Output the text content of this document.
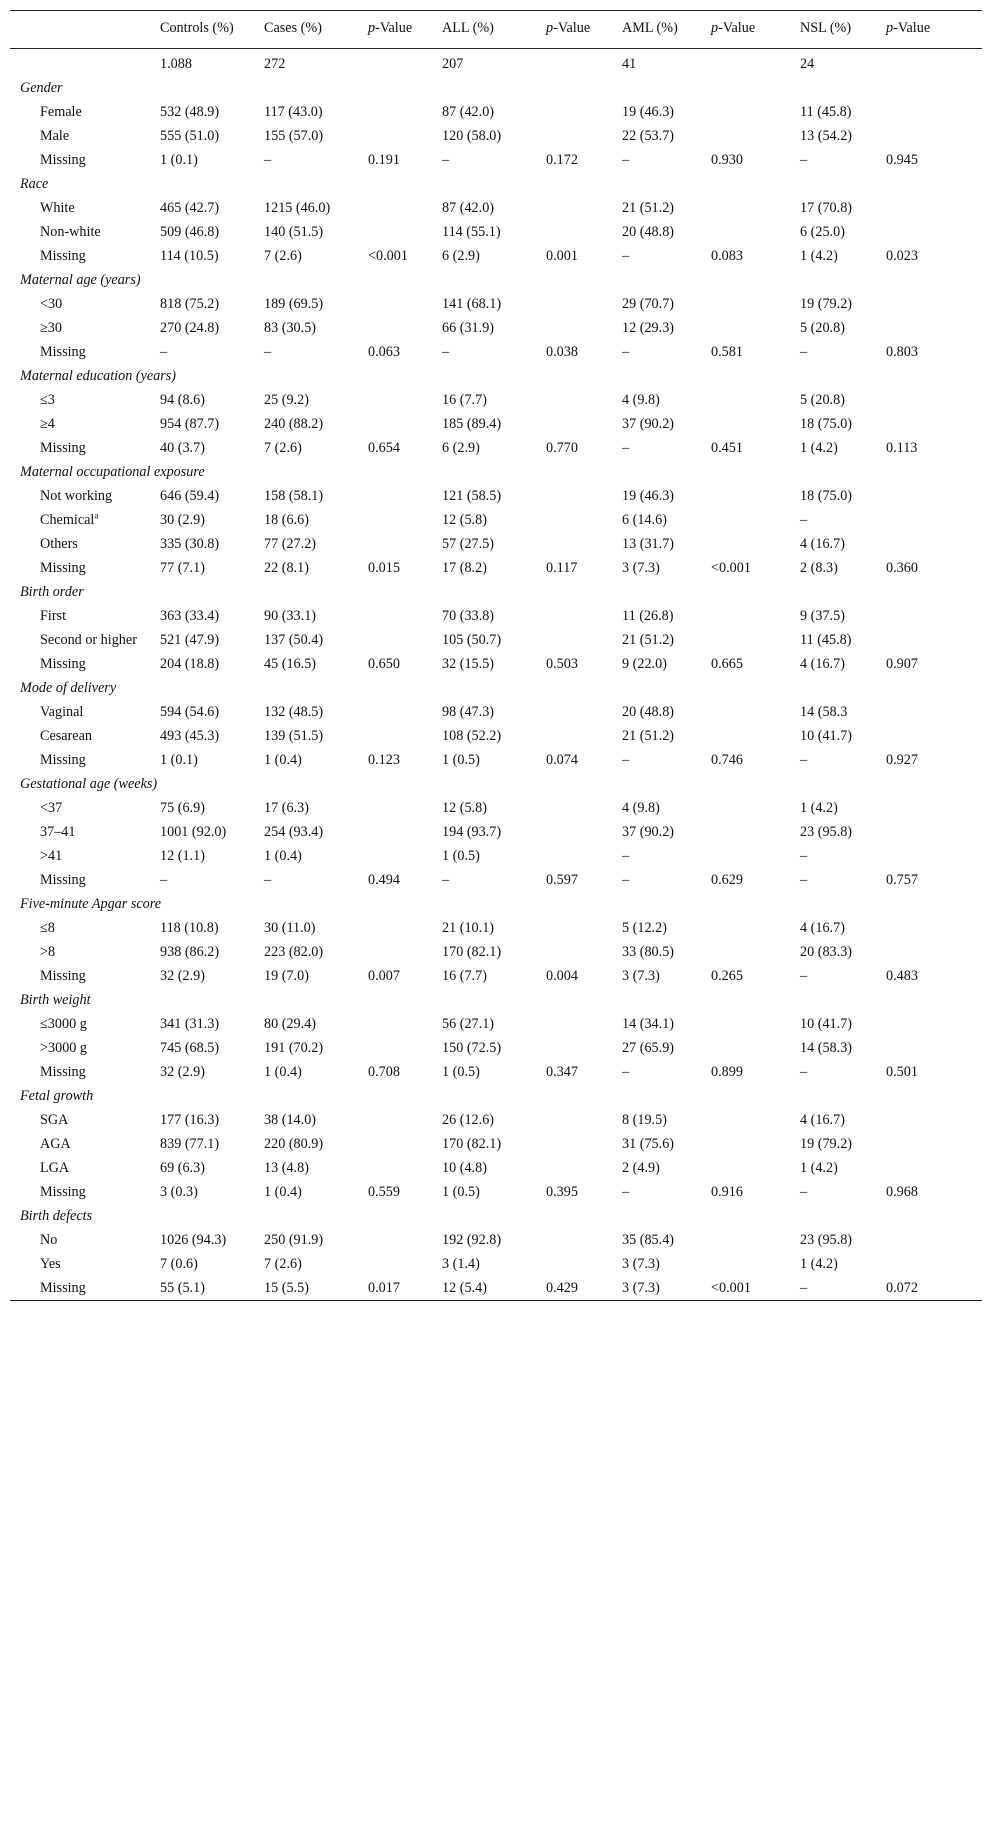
	Controls (%)	Cases (%)	p-Value	ALL (%)	p-Value	AML (%)	p-Value	NSL (%)	p-Value
	1.088	272		207		41		24	
Gender									
Female	532 (48.9)	117 (43.0)		87 (42.0)		19 (46.3)		11 (45.8)	
Male	555 (51.0)	155 (57.0)		120 (58.0)		22 (53.7)		13 (54.2)	
Missing	1 (0.1)	–	0.191	–	0.172	–	0.930	–	0.945
Race									
White	465 (42.7)	1215 (46.0)		87 (42.0)		21 (51.2)		17 (70.8)	
Non-white	509 (46.8)	140 (51.5)		114 (55.1)		20 (48.8)		6 (25.0)	
Missing	114 (10.5)	7 (2.6)	<0.001	6 (2.9)	0.001	–	0.083	1 (4.2)	0.023
Maternal age (years)									
<30	818 (75.2)	189 (69.5)		141 (68.1)		29 (70.7)		19 (79.2)	
≥30	270 (24.8)	83 (30.5)		66 (31.9)		12 (29.3)		5 (20.8)	
Missing	–	–	0.063	–	0.038	–	0.581	–	0.803
Maternal education (years)									
≤3	94 (8.6)	25 (9.2)		16 (7.7)		4 (9.8)		5 (20.8)	
≥4	954 (87.7)	240 (88.2)		185 (89.4)		37 (90.2)		18 (75.0)	
Missing	40 (3.7)	7 (2.6)	0.654	6 (2.9)	0.770	–	0.451	1 (4.2)	0.113
Maternal occupational exposure									
Not working	646 (59.4)	158 (58.1)		121 (58.5)		19 (46.3)		18 (75.0)	
Chemical$^a$	30 (2.9)	18 (6.6)		12 (5.8)		6 (14.6)		–	
Others	335 (30.8)	77 (27.2)		57 (27.5)		13 (31.7)		4 (16.7)	
Missing	77 (7.1)	22 (8.1)	0.015	17 (8.2)	0.117	3 (7.3)	<0.001	2 (8.3)	0.360
Birth order									
First	363 (33.4)	90 (33.1)		70 (33.8)		11 (26.8)		9 (37.5)	
Second or higher	521 (47.9)	137 (50.4)		105 (50.7)		21 (51.2)		11 (45.8)	
Missing	204 (18.8)	45 (16.5)	0.650	32 (15.5)	0.503	9 (22.0)	0.665	4 (16.7)	0.907
Mode of delivery									
Vaginal	594 (54.6)	132 (48.5)		98 (47.3)		20 (48.8)		14 (58.3	
Cesarean	493 (45.3)	139 (51.5)		108 (52.2)		21 (51.2)		10 (41.7)	
Missing	1 (0.1)	1 (0.4)	0.123	1 (0.5)	0.074	–	0.746	–	0.927
Gestational age (weeks)									
<37	75 (6.9)	17 (6.3)		12 (5.8)		4 (9.8)		1 (4.2)	
37–41	1001 (92.0)	254 (93.4)		194 (93.7)		37 (90.2)		23 (95.8)	
>41	12 (1.1)	1 (0.4)		1 (0.5)		–		–	
Missing	–	–	0.494	–	0.597	–	0.629	–	0.757
Five-minute Apgar score									
≤8	118 (10.8)	30 (11.0)		21 (10.1)		5 (12.2)		4 (16.7)	
>8	938 (86.2)	223 (82.0)		170 (82.1)		33 (80.5)		20 (83.3)	
Missing	32 (2.9)	19 (7.0)	0.007	16 (7.7)	0.004	3 (7.3)	0.265	–	0.483
Birth weight									
≤3000 g	341 (31.3)	80 (29.4)		56 (27.1)		14 (34.1)		10 (41.7)	
>3000 g	745 (68.5)	191 (70.2)		150 (72.5)		27 (65.9)		14 (58.3)	
Missing	32 (2.9)	1 (0.4)	0.708	1 (0.5)	0.347	–	0.899	–	0.501
Fetal growth									
SGA	177 (16.3)	38 (14.0)		26 (12.6)		8 (19.5)		4 (16.7)	
AGA	839 (77.1)	220 (80.9)		170 (82.1)		31 (75.6)		19 (79.2)	
LGA	69 (6.3)	13 (4.8)		10 (4.8)		2 (4.9)		1 (4.2)	
Missing	3 (0.3)	1 (0.4)	0.559	1 (0.5)	0.395	–	0.916	–	0.968
Birth defects									
No	1026 (94.3)	250 (91.9)		192 (92.8)		35 (85.4)		23 (95.8)	
Yes	7 (0.6)	7 (2.6)		3 (1.4)		3 (7.3)		1 (4.2)	
Missing	55 (5.1)	15 (5.5)	0.017	12 (5.4)	0.429	3 (7.3)	<0.001	–	0.072
